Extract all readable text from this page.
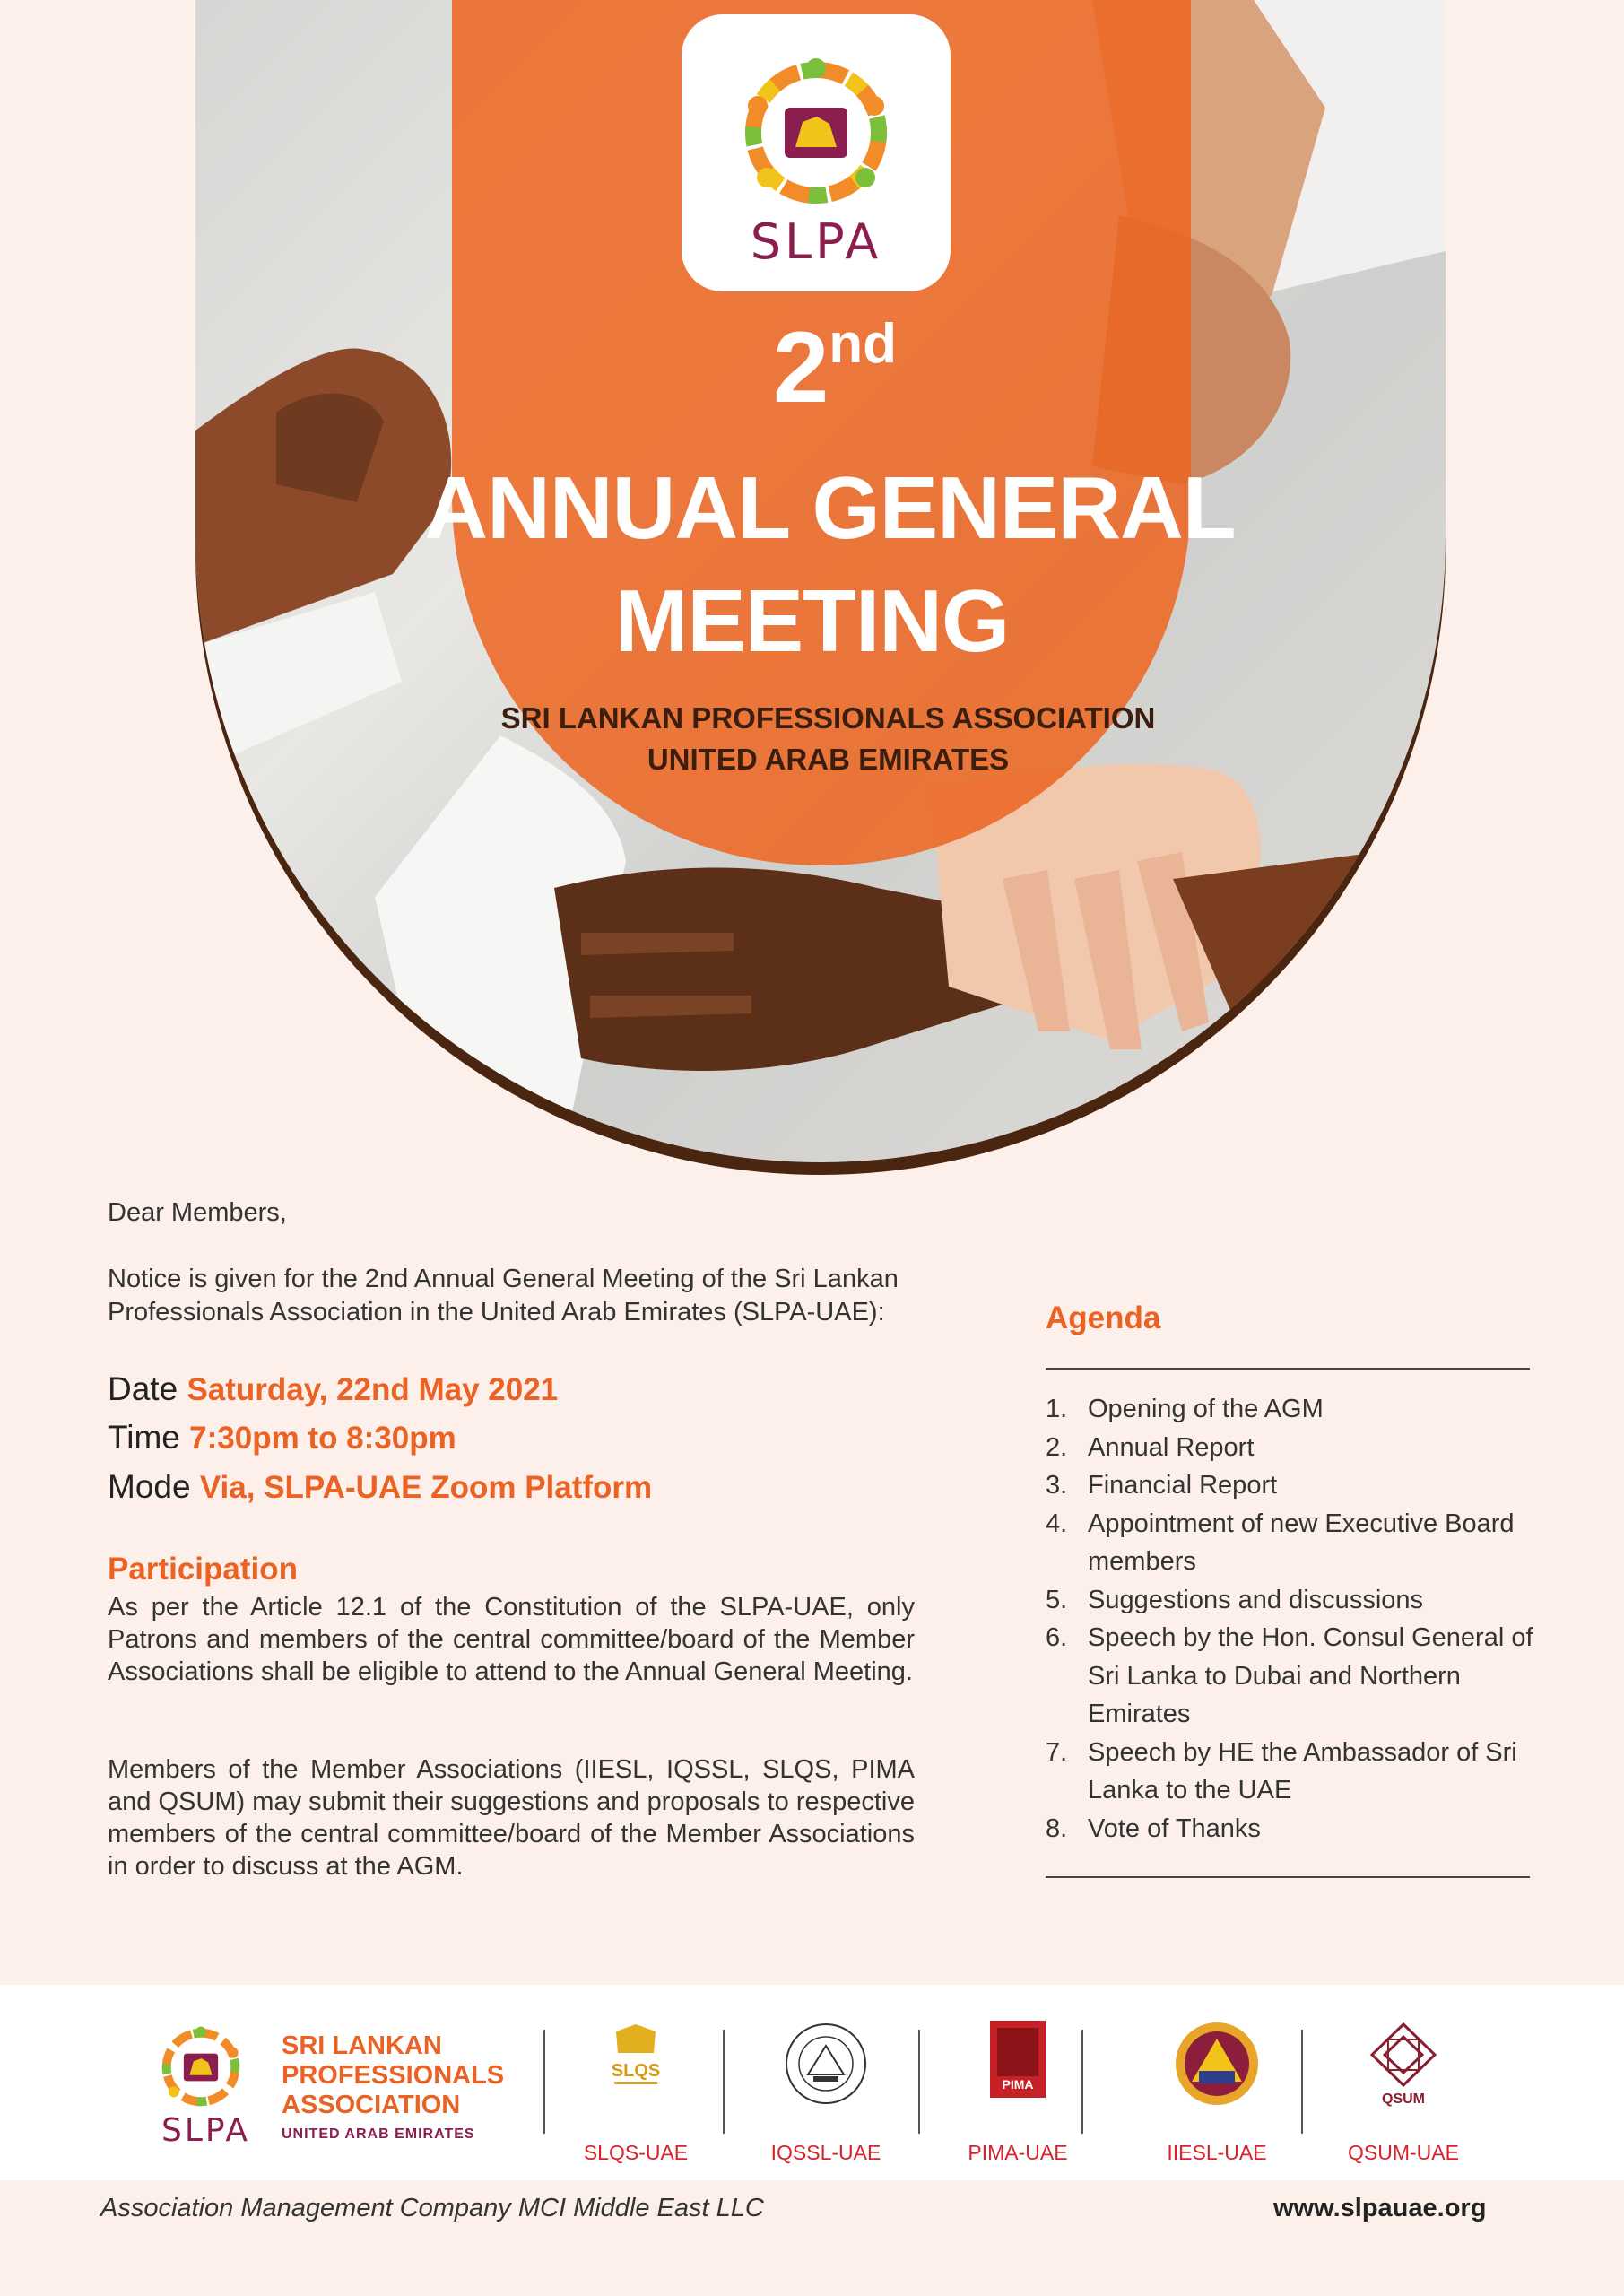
SLPA
2nd
ANNUAL GENERAL
MEETING
SRI LANKAN PROFESSIONALS ASSOCIATION
UNITED ARAB EMIRATES
Dear Members,
Notice is given for the 2nd Annual General Meeting of the Sri Lankan Professionals Association in the United Arab Emirates (SLPA-UAE):
Date Saturday, 22nd May 2021
Time 7:30pm to 8:30pm
Mode Via, SLPA-UAE Zoom Platform
Participation
As per the Article 12.1 of the Constitution of the SLPA-UAE, only Patrons and members of the central committee/board of the Member Associations shall be eligible to attend to the Annual General Meeting.
Members of the Member Associations (IIESL, IQSSL, SLQS, PIMA and QSUM) may submit their suggestions and proposals to respective members of the central committee/board of the Member Associations in order to discuss at the AGM.
Agenda
1. Opening of the AGM
2. Annual Report
3. Financial Report
4. Appointment of new Executive Board members
5. Suggestions and discussions
6. Speech by the Hon. Consul General of Sri Lanka to Dubai and Northern Emirates
7. Speech by HE the Ambassador of Sri Lanka to the UAE
8. Vote of Thanks
SLPA
SRI LANKAN
PROFESSIONALS
ASSOCIATION
UNITED ARAB EMIRATES
SLQS
SLQS-UAE	IQSSL-UAE
PIMA
PIMA-UAE	IIESL-UAE
QSUM
QSUM-UAE
Association Management Company MCI Middle East LLC	www.slpauae.org
